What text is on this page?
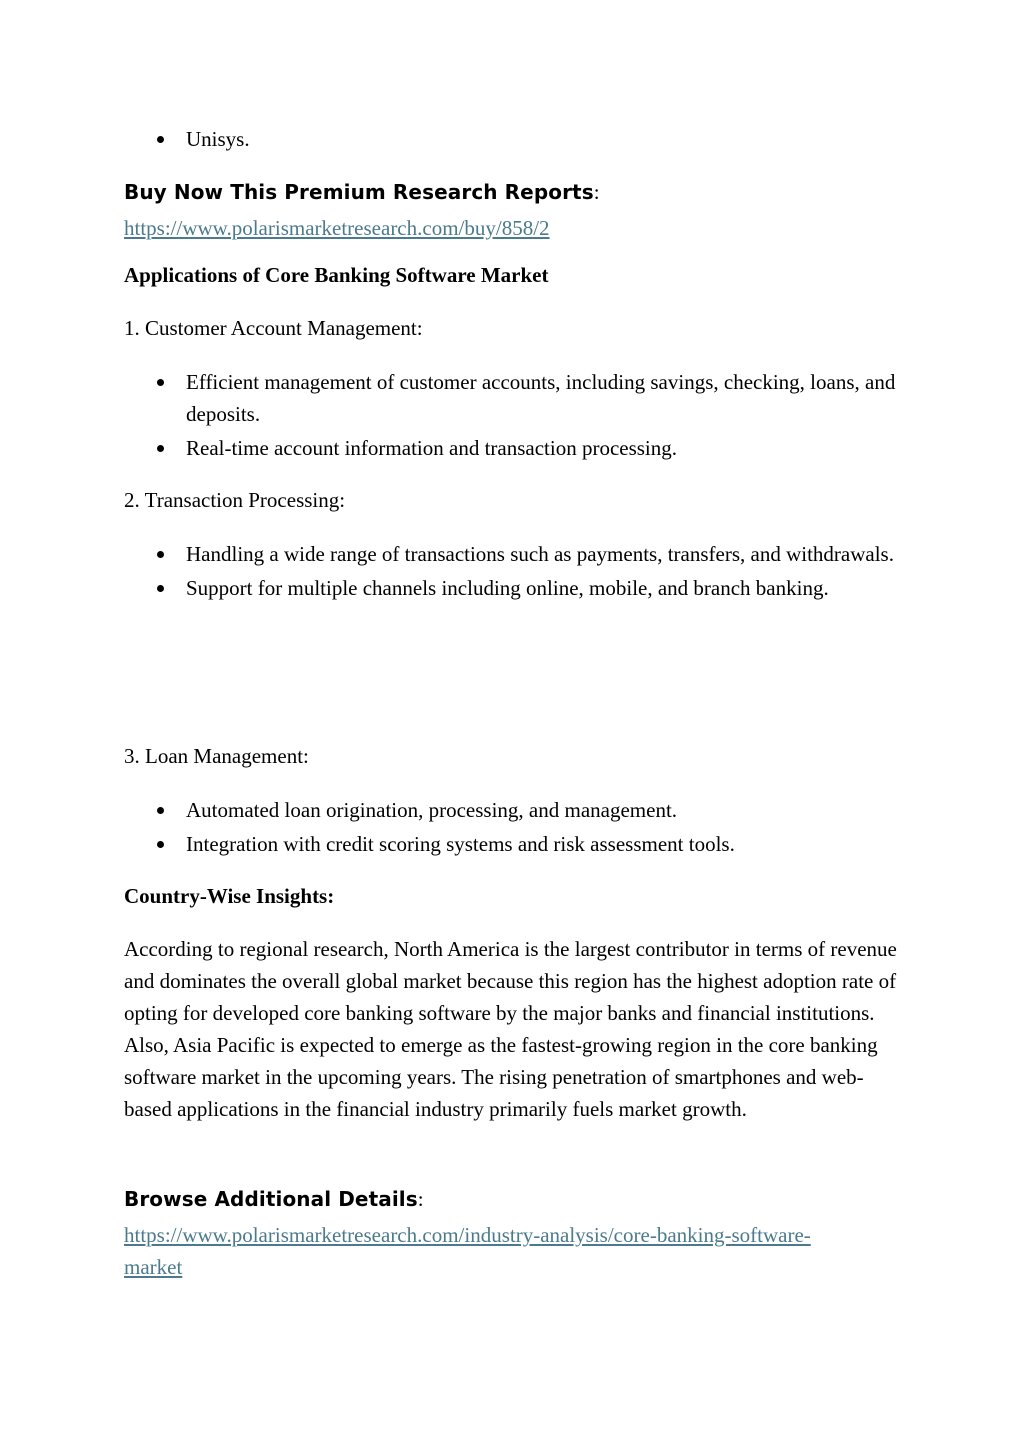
Unisys.
Buy Now This Premium Research Reports:
https://www.polarismarketresearch.com/buy/858/2
Applications of Core Banking Software Market
1. Customer Account Management:
Efficient management of customer accounts, including savings, checking, loans, and deposits.
Real-time account information and transaction processing.
2. Transaction Processing:
Handling a wide range of transactions such as payments, transfers, and withdrawals.
Support for multiple channels including online, mobile, and branch banking.
3. Loan Management:
Automated loan origination, processing, and management.
Integration with credit scoring systems and risk assessment tools.
Country-Wise Insights:
According to regional research, North America is the largest contributor in terms of revenue and dominates the overall global market because this region has the highest adoption rate of opting for developed core banking software by the major banks and financial institutions. Also, Asia Pacific is expected to emerge as the fastest-growing region in the core banking software market in the upcoming years. The rising penetration of smartphones and web-based applications in the financial industry primarily fuels market growth.
Browse Additional Details:
https://www.polarismarketresearch.com/industry-analysis/core-banking-software-market
